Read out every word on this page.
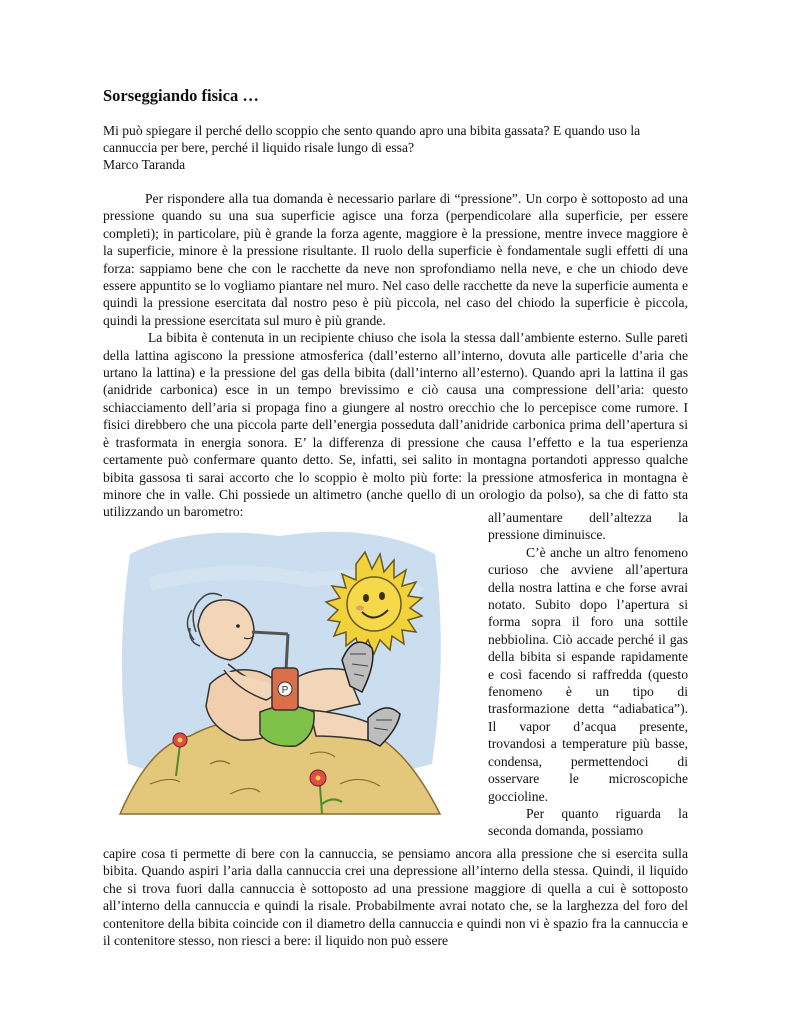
Sorseggiando fisica …

Mi può spiegare il perché dello scoppio che sento quando apro una bibita gassata? E quando uso la cannuccia per bere, perché il liquido risale lungo di essa?
Marco Taranda

Per rispondere alla tua domanda è necessario parlare di “pressione”. Un corpo è sottoposto ad una pressione quando su una sua superficie agisce una forza (perpendicolare alla superficie, per essere completi); in particolare, più è grande la forza agente, maggiore è la pressione, mentre invece maggiore è la superficie, minore è la pressione risultante. Il ruolo della superficie è fondamentale sugli effetti di una forza: sappiamo bene che con le racchette da neve non sprofondiamo nella neve, e che un chiodo deve essere appuntito se lo vogliamo piantare nel muro. Nel caso delle racchette da neve la superficie aumenta e quindi la pressione esercitata dal nostro peso è più piccola, nel caso del chiodo la superficie è piccola, quindi la pressione esercitata sul muro è più grande.

La bibita è contenuta in un recipiente chiuso che isola la stessa dall’ambiente esterno. Sulle pareti della lattina agiscono la pressione atmosferica (dall’esterno all’interno, dovuta alle particelle d’aria che urtano la lattina) e la pressione del gas della bibita (dall’interno all’esterno). Quando apri la lattina il gas (anidride carbonica) esce in un tempo brevissimo e ciò causa una compressione dell’aria: questo schiacciamento dell’aria si propaga fino a giungere al nostro orecchio che lo percepisce come rumore. I fisici direbbero che una piccola parte dell’energia posseduta dall’anidride carbonica prima dell’apertura si è trasformata in energia sonora. E’ la differenza di pressione che causa l’effetto e la tua esperienza certamente può confermare quanto detto. Se, infatti, sei salito in montagna portandoti appresso qualche bibita gassosa ti sarai accorto che lo scoppio è molto più forte: la pressione atmosferica in montagna è minore che in valle. Chi possiede un altimetro (anche quello di un orologio da polso), sa che di fatto sta utilizzando un barometro:

P

all’aumentare dell’altezza la pressione diminuisce.

C’è anche un altro fenomeno curioso che avviene all’apertura della nostra lattina e che forse avrai notato. Subito dopo l’apertura si forma sopra il foro una sottile nebbiolina. Ciò accade perché il gas della bibita si espande rapidamente e così facendo si raffredda (questo fenomeno è un tipo di trasformazione detta “adiabatica”). Il vapor d’acqua presente, trovandosi a temperature più basse, condensa, permettendoci di osservare le microscopiche goccioline.

Per quanto riguarda la seconda domanda, possiamo

capire cosa ti permette di bere con la cannuccia, se pensiamo ancora alla pressione che si esercita sulla bibita. Quando aspiri l’aria dalla cannuccia crei una depressione all’interno della stessa. Quindi, il liquido che si trova fuori dalla cannuccia è sottoposto ad una pressione maggiore di quella a cui è sottoposto all’interno della cannuccia e quindi la risale. Probabilmente avrai notato che, se la larghezza del foro del contenitore della bibita coincide con il diametro della cannuccia e quindi non vi è spazio fra la cannuccia e il contenitore stesso, non riesci a bere: il liquido non può essere
